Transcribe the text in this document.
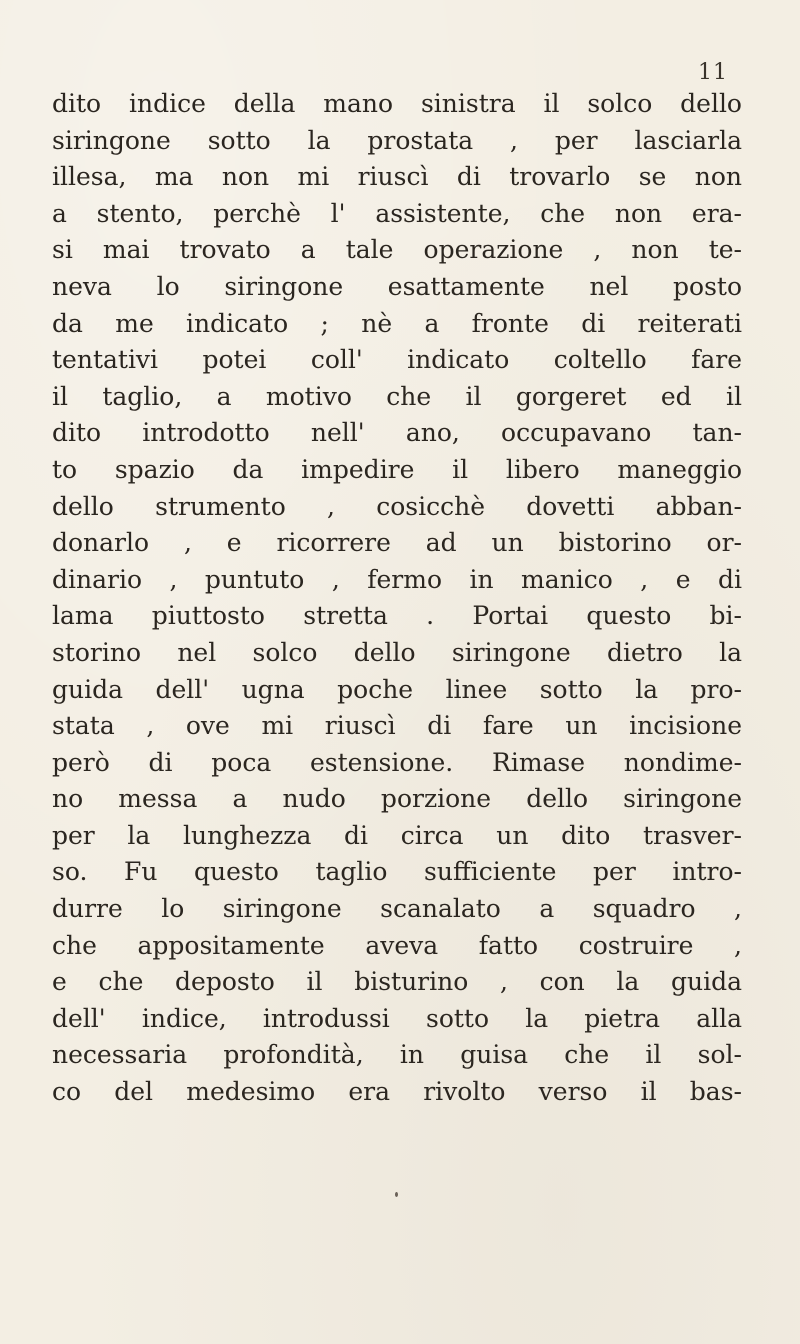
11
dito indice della mano sinistra il solco dello
siringone sotto la prostata , per lasciarla
illesa, ma non mi riuscì di trovarlo se non
a stento, perchè l' assistente, che non era-
si mai trovato a tale operazione , non te-
neva lo siringone esattamente nel posto
da me indicato ; nè a fronte di reiterati
tentativi potei coll' indicato coltello fare
il taglio, a motivo che il gorgeret ed il
dito introdotto nell' ano, occupavano tan-
to spazio da impedire il libero maneggio
dello strumento , cosicchè dovetti abban-
donarlo , e ricorrere ad un bistorino or-
dinario , puntuto , fermo in manico , e di
lama piuttosto stretta . Portai questo bi-
storino nel solco dello siringone dietro la
guida dell' ugna poche linee sotto la pro-
stata , ove mi riuscì di fare un incisione
però di poca estensione. Rimase nondime-
no messa a nudo porzione dello siringone
per la lunghezza di circa un dito trasver-
so. Fu questo taglio sufficiente per intro-
durre lo siringone scanalato a squadro ,
che appositamente aveva fatto costruire ,
e che deposto il bisturino , con la guida
dell' indice, introdussi sotto la pietra alla
necessaria profondità, in guisa che il sol-
co del medesimo era rivolto verso il bas-
